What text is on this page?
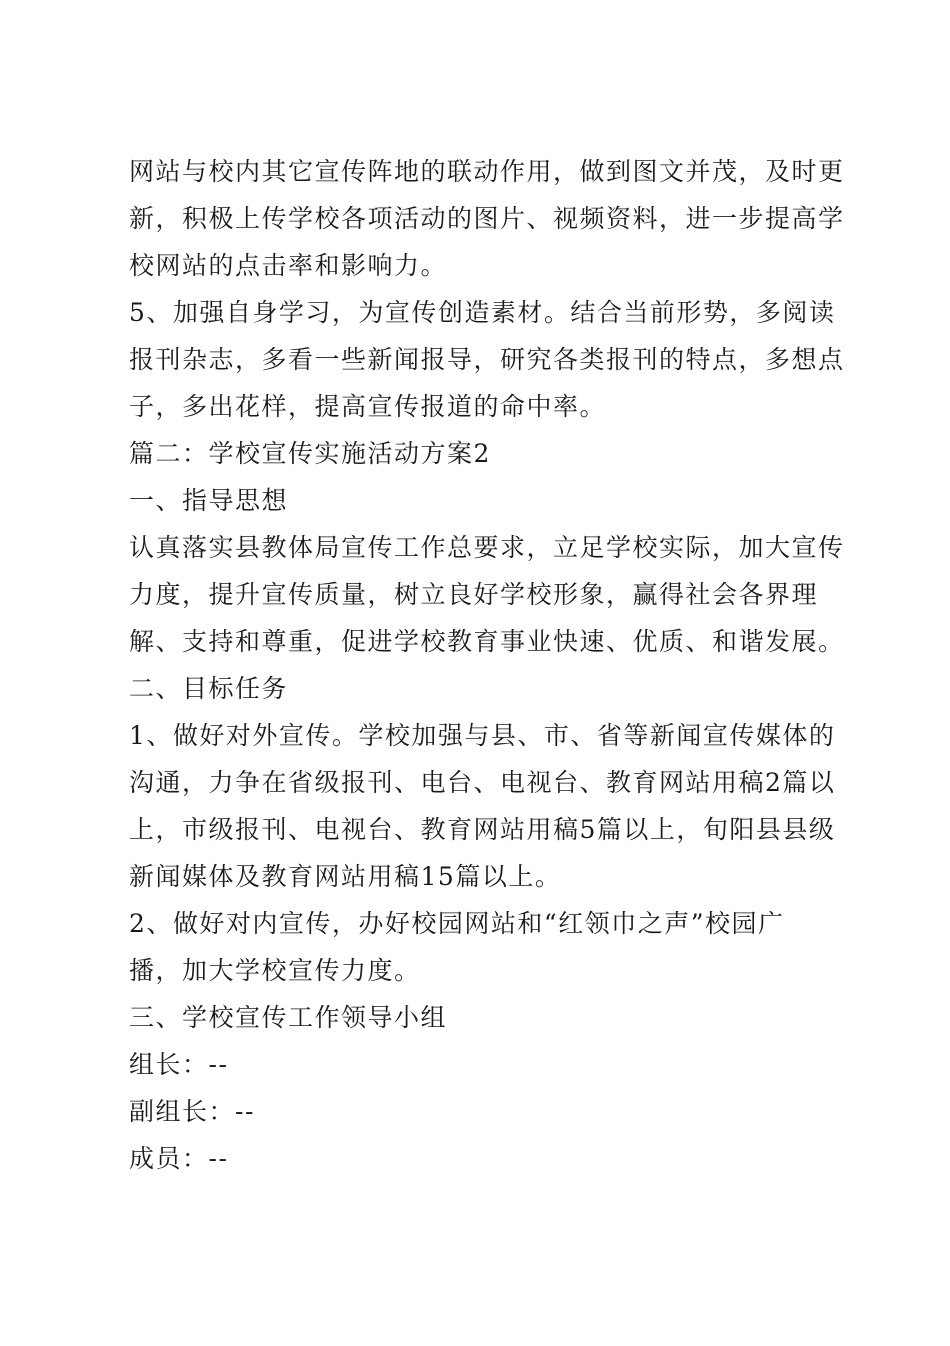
网站与校内其它宣传阵地的联动作用，做到图文并茂，及时更
新，积极上传学校各项活动的图片、视频资料，进一步提高学
校网站的点击率和影响力。

5、加强自身学习，为宣传创造素材。结合当前形势，多阅读
报刊杂志，多看一些新闻报导，研究各类报刊的特点，多想点
子，多出花样，提高宣传报道的命中率。

篇二：学校宣传实施活动方案2

一、指导思想

认真落实县教体局宣传工作总要求，立足学校实际，加大宣传
力度，提升宣传质量，树立良好学校形象，赢得社会各界理
解、支持和尊重，促进学校教育事业快速、优质、和谐发展。

二、目标任务

1、做好对外宣传。学校加强与县、市、省等新闻宣传媒体的
沟通，力争在省级报刊、电台、电视台、教育网站用稿2篇以
上，市级报刊、电视台、教育网站用稿5篇以上，旬阳县县级
新闻媒体及教育网站用稿15篇以上。

2、做好对内宣传，办好校园网站和“红领巾之声”校园广
播，加大学校宣传力度。

三、学校宣传工作领导小组

组长：--

副组长：--

成员：--
